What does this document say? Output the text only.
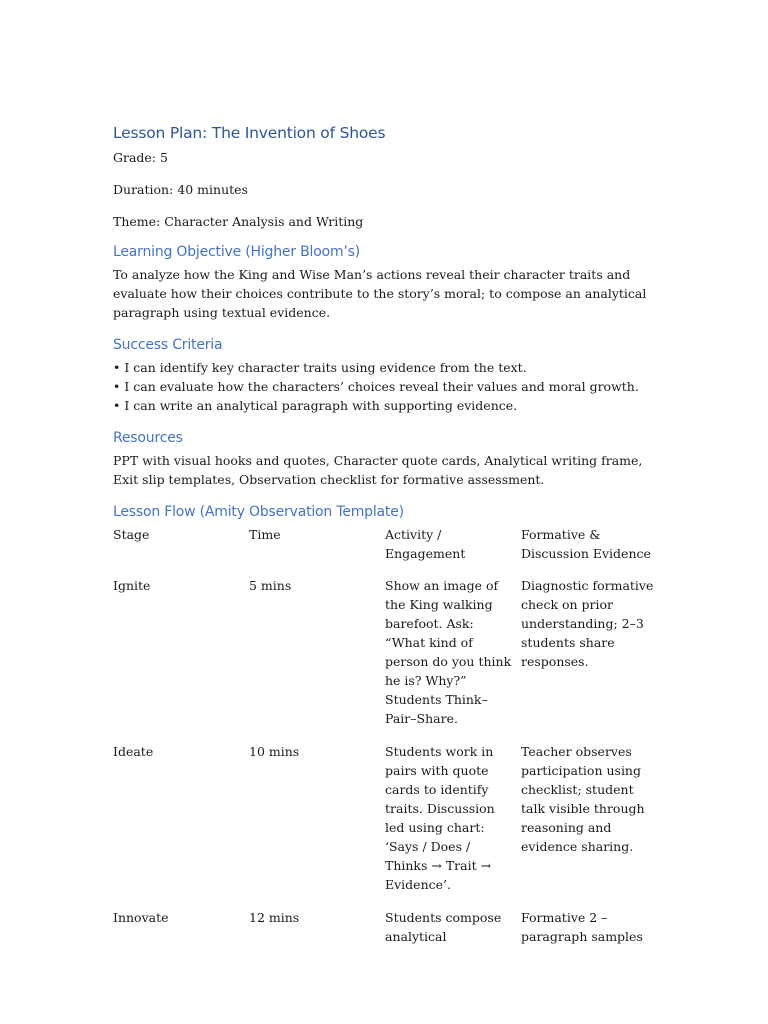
Lesson Plan: The Invention of Shoes

Grade: 5

Duration: 40 minutes

Theme: Character Analysis and Writing

Learning Objective (Higher Bloom’s)

To analyze how the King and Wise Man’s actions reveal their character traits and evaluate how their choices contribute to the story’s moral; to compose an analytical paragraph using textual evidence.

Success Criteria

• I can identify key character traits using evidence from the text.

• I can evaluate how the characters’ choices reveal their values and moral growth.

• I can write an analytical paragraph with supporting evidence.

Resources

PPT with visual hooks and quotes, Character quote cards, Analytical writing frame, Exit slip templates, Observation checklist for formative assessment.

Lesson Flow (Amity Observation Template)
Stage	Time	Activity / Engagement	Formative & Discussion Evidence
Ignite	5 mins	Show an image of the King walking barefoot. Ask: “What kind of person do you think he is? Why?” Students Think–Pair–Share.	Diagnostic formative check on prior understanding; 2–3 students share responses.
Ideate	10 mins	Students work in pairs with quote cards to identify traits. Discussion led using chart: ‘Says / Does / Thinks → Trait → Evidence’.	Teacher observes participation using checklist; student talk visible through reasoning and evidence sharing.
Innovate	12 mins	Students compose analytical	Formative 2 – paragraph samples
